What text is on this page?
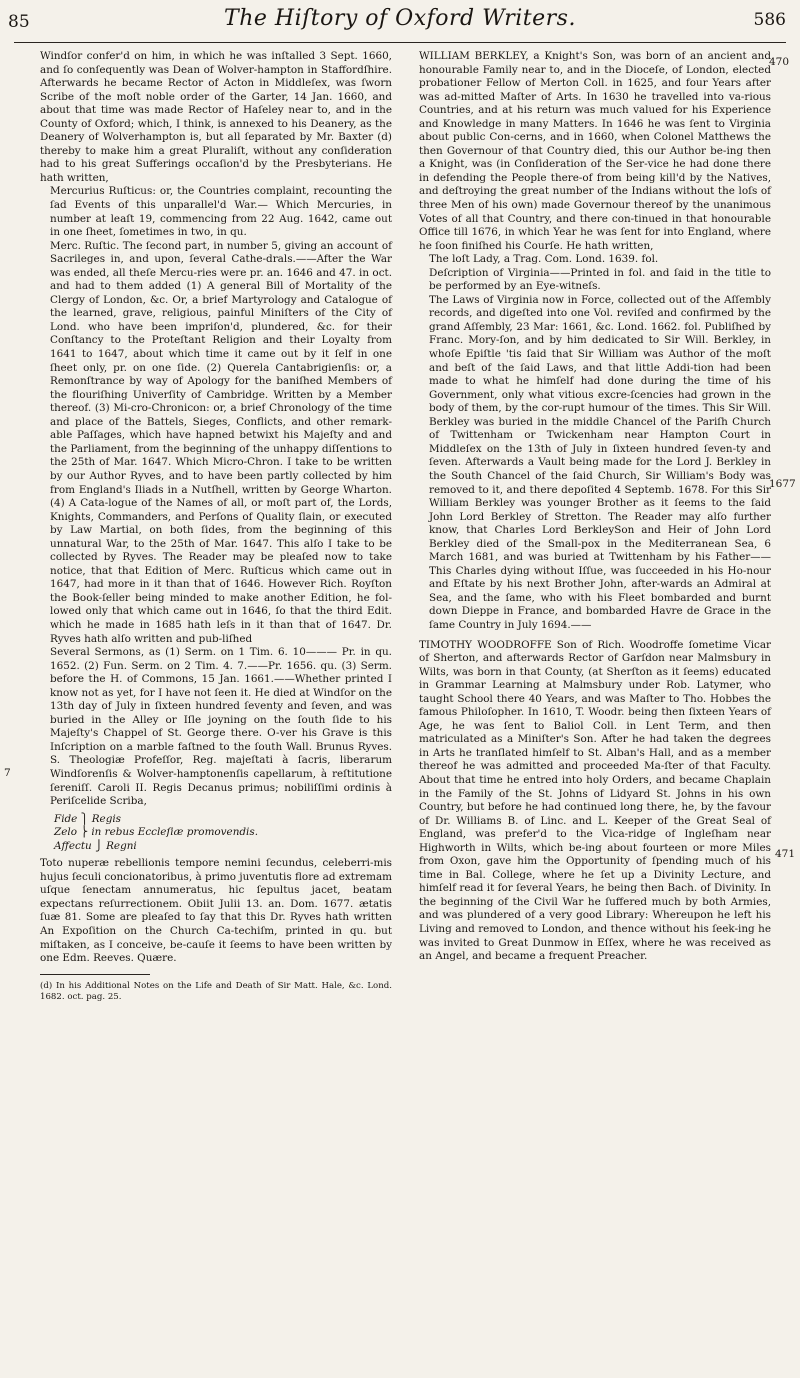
85	The Hiſtory of Oxford Writers.	586
7
470
1677
471

Windſor confer'd on him, in which he was inſtalled 3 Sept. 1660, and ſo conſequently was Dean of Wolver-hampton in Staffordſhire. Afterwards he became Rector of Acton in Middleſex, was ſworn Scribe of the moſt noble order of the Garter, 14 Jan. 1660, and about that time was made Rector of Haſeley near to, and in the County of Oxford; which, I think, is annexed to his Deanery, as the Deanery of Wolverhampton is, but all ſeparated by Mr. Baxter (d) thereby to make him a great Pluraliſt, without any conſideration had to his great Sufferings occaſion'd by the Presbyterians. He hath written,

Mercurius Ruſticus: or, the Countries complaint, recounting the ſad Events of this unparallel'd War.— Which Mercuries, in number at leaſt 19, commencing from 22 Aug. 1642, came out in one ſheet, ſometimes in two, in qu.

Merc. Ruſtic. The ſecond part, in number 5, giving an account of Sacrileges in, and upon, ſeveral Cathe-drals.——After the War was ended, all theſe Mercu-ries were pr. an. 1646 and 47. in oct. and had to them added (1) A general Bill of Mortality of the Clergy of London, &c. Or, a brief Martyrology and Catalogue of the learned, grave, religious, painful Miniſters of the City of Lond. who have been impriſon'd, plundered, &c. for their Conſtancy to the Proteſtant Religion and their Loyalty from 1641 to 1647, about which time it came out by it ſelf in one ſheet only, pr. on one ſide. (2) Querela Cantabrigienſis: or, a Remonſtrance by way of Apology for the baniſhed Members of the flouriſhing Univerſity of Cambridge. Written by a Member thereof. (3) Mi-cro-Chronicon: or, a brief Chronology of the time and place of the Battels, Sieges, Conflicts, and other remark-able Paſſages, which have hapned betwixt his Majeſty and and the Parliament, from the beginning of the unhappy diſſentions to the 25th of Mar. 1647. Which Micro-Chron. I take to be written by our Author Ryves, and to have been partly collected by him from England's Iliads in a Nutſhell, written by George Wharton. (4) A Cata-logue of the Names of all, or moſt part of, the Lords, Knights, Commanders, and Perſons of Quality ſlain, or executed by Law Martial, on both ſides, from the beginning of this unnatural War, to the 25th of Mar. 1647. This alſo I take to be collected by Ryves. The Reader may be pleaſed now to take notice, that that Edition of Merc. Ruſticus which came out in 1647, had more in it than that of 1646. However Rich. Royſton the Book-ſeller being minded to make another Edition, he fol-lowed only that which came out in 1646, ſo that the third Edit. which he made in 1685 hath leſs in it than that of 1647. Dr. Ryves hath alſo written and pub-liſhed

Several Sermons, as (1) Serm. on 1 Tim. 6. 10——— Pr. in qu. 1652. (2) Fun. Serm. on 2 Tim. 4. 7.——Pr. 1656. qu. (3) Serm. before the H. of Commons, 15 Jan. 1661.——Whether printed I know not as yet, for I have not ſeen it. He died at Windſor on the 13th day of July in ſixteen hundred ſeventy and ſeven, and was buried in the Alley or Iſle joyning on the ſouth ſide to his Majeſty's Chappel of St. George there. O-ver his Grave is this Inſcription on a marble faſtned to the ſouth Wall. Brunus Ryves. S. Theologiæ Profeſſor, Reg. majeſtati à ſacris, liberarum Windſorenſis & Wolver-hamptonenſis capellarum, à reſtitutione ſereniſſ. Caroli II. Regis Decanus primus; nobiliſſimi ordinis à Periſcelide Scriba,

Fide ⎫ Regis
Zelo ⎬ in rebus Eccleſiæ promovendis.
Affectu ⎭ Regni

Toto nuperæ rebellionis tempore nemini ſecundus, celeberri-mis hujus ſeculi concionatoribus, à primo juventutis flore ad extremam uſque ſenectam annumeratus, hic ſepultus jacet, beatam expectans reſurrectionem. Obiit Julii 13. an. Dom. 1677. ætatis ſuæ 81. Some are pleaſed to ſay that this Dr. Ryves hath written An Expoſition on the Church Ca-techiſm, printed in qu. but miſtaken, as I conceive, be-cauſe it ſeems to have been written by one Edm. Reeves. Quære.

(d) In his Additional Notes on the Life and Death of Sir Matt. Hale, &c. Lond. 1682. oct. pag. 25.

WILLIAM BERKLEY, a Knight's Son, was born of an ancient and honourable Family near to, and in the Dioceſe, of London, elected probationer Fellow of Merton Coll. in 1625, and four Years after was ad-mitted Maſter of Arts. In 1630 he travelled into va-rious Countries, and at his return was much valued for his Experience and Knowledge in many Matters. In 1646 he was ſent to Virginia about public Con-cerns, and in 1660, when Colonel Matthews the then Governour of that Country died, this our Author be-ing then a Knight, was (in Conſideration of the Ser-vice he had done there in defending the People there-of from being kill'd by the Natives, and deſtroying the great number of the Indians without the loſs of three Men of his own) made Governour thereof by the unanimous Votes of all that Country, and there con-tinued in that honourable Office till 1676, in which Year he was ſent for into England, where he ſoon finiſhed his Courſe. He hath written,

The loſt Lady, a Trag. Com. Lond. 1639. fol.

Deſcription of Virginia——Printed in fol. and ſaid in the title to be performed by an Eye-witneſs.

The Laws of Virginia now in Force, collected out of the Aſſembly records, and digeſted into one Vol. reviſed and confirmed by the grand Aſſembly, 23 Mar: 1661, &c. Lond. 1662. fol. Publiſhed by Franc. Mory-ſon, and by him dedicated to Sir Will. Berkley, in whoſe Epiſtle 'tis ſaid that Sir William was Author of the moſt and beſt of the ſaid Laws, and that little Addi-tion had been made to what he himſelf had done during the time of his Government, only what vitious excre-ſcencies had grown in the body of them, by the cor-rupt humour of the times. This Sir Will. Berkley was buried in the middle Chancel of the Pariſh Church of Twittenham or Twickenham near Hampton Court in Middleſex on the 13th of July in ſixteen hundred ſeven-ty and ſeven. Afterwards a Vault being made for the Lord J. Berkley in the South Chancel of the ſaid Church, Sir William's Body was removed to it, and there depoſited 4 Septemb. 1678. For this Sir William Berkley was younger Brother as it ſeems to the ſaid John Lord Berkley of Stretton. The Reader may alſo further know, that Charles Lord BerkleySon and Heir of John Lord Berkley died of the Small-pox in the Mediterranean Sea, 6 March 1681, and was buried at Twittenham by his Father——This Charles dying without Iſſue, was ſucceeded in his Ho-nour and Eſtate by his next Brother John, after-wards an Admiral at Sea, and the ſame, who with his Fleet bombarded and burnt down Dieppe in France, and bombarded Havre de Grace in the ſame Country in July 1694.——

TIMOTHY WOODROFFE Son of Rich. Woodroffe ſometime Vicar of Sherton, and afterwards Rector of Garſdon near Malmsbury in Wilts, was born in that County, (at Sherſton as it ſeems) educated in Grammar Learning at Malmsbury under Rob. Latymer, who taught School there 40 Years, and was Maſter to Tho. Hobbes the famous Philoſopher. In 1610, T. Woodr. being then ſixteen Years of Age, he was ſent to Baliol Coll. in Lent Term, and then matriculated as a Miniſter's Son. After he had taken the degrees in Arts he tranſlated himſelf to St. Alban's Hall, and as a member thereof he was admitted and proceeded Ma-ſter of that Faculty. About that time he entred into holy Orders, and became Chaplain in the Family of the St. Johns of Lidyard St. Johns in his own Country, but before he had continued long there, he, by the favour of Dr. Williams B. of Linc. and L. Keeper of the Great Seal of England, was prefer'd to the Vica-ridge of Ingleſham near Highworth in Wilts, which be-ing about fourteen or more Miles from Oxon, gave him the Opportunity of ſpending much of his time in Bal. College, where he ſet up a Divinity Lecture, and himſelf read it for ſeveral Years, he being then Bach. of Divinity. In the beginning of the Civil War he ſuffered much by both Armies, and was plundered of a very good Library: Whereupon he left his Living and removed to London, and thence without his ſeek-ing he was invited to Great Dunmow in Eſſex, where he was received as an Angel, and became a frequent Preacher.
